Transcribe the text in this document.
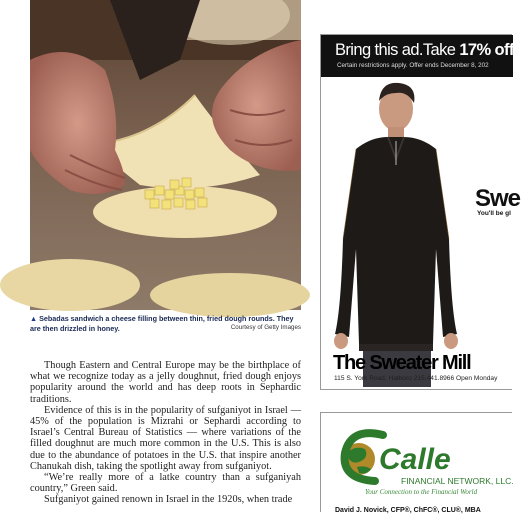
▲ Sebadas sandwich a cheese filling between thin, fried dough rounds. They are then drizzled in honey.	Courtesy of Getty Images

Though Eastern and Central Europe may be the birthplace of what we recognize today as a jelly doughnut, fried dough enjoys popularity around the world and has deep roots in Sephardic traditions.

Evidence of this is in the popularity of sufganiyot in Israel — 45% of the population is Mizrahi or Sephardi according to Israel’s Central Bureau of Statistics — where variations of the filled doughnut are much more common in the U.S. This is also due to the abundance of potatoes in the U.S. that inspire another Chanukah dish, taking the spotlight away from sufganiyot.

“We’re really more of a latke country than a sufganiyah country,” Green said.

Sufganiyot gained renown in Israel in the 1920s, when trade

Bring this ad.Take 17% off ar
Certain restrictions apply. Offer ends December 8, 202
Swe
You'll be gl
The Sweater Mill
115 S. York Road, Hatboro 215.441.8966 Open Monday
Calle
FINANCIAL NETWORK, LLC.
Your Connection to the Financial World
David J. Novick, CFP®, ChFC®, CLU®, MBA
